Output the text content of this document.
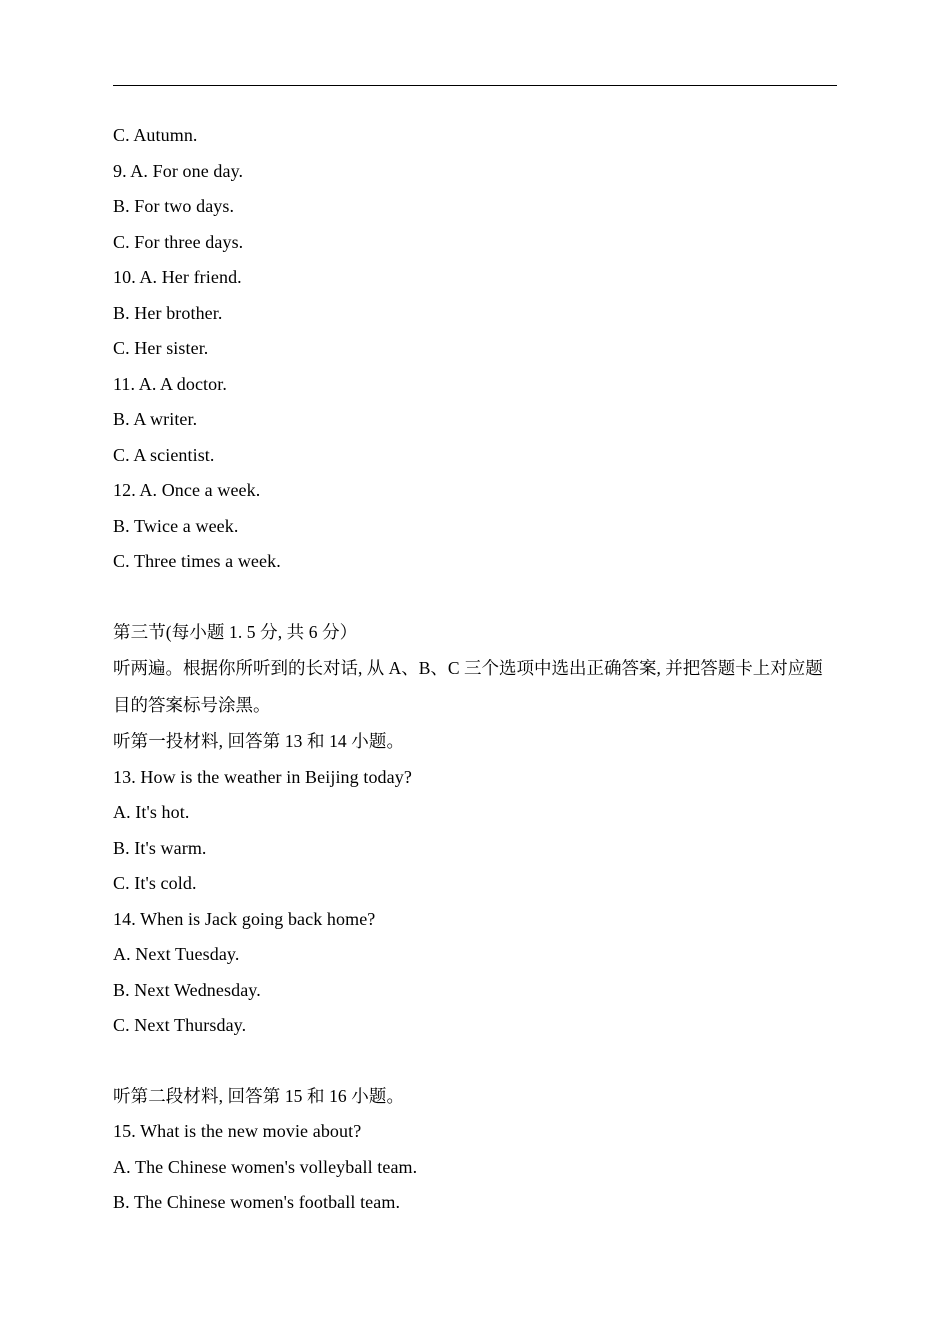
C. Autumn.
9. A. For one day.
B. For two days.
C. For three days.
10. A. Her friend.
B. Her brother.
C. Her sister.
11. A. A doctor.
B. A writer.
C. A scientist.
12. A. Once a week.
B. Twice a week.
C. Three times a week.
第三节(每小题 1. 5 分, 共 6 分）
听两遍。根据你所听到的长对话, 从 A、B、C 三个选项中选出正确答案, 并把答题卡上对应题目的答案标号涂黑。
听第一投材料, 回答第 13 和 14 小题。
13. How is the weather in Beijing today?
A. It's hot.
B. It's warm.
C. It's cold.
14. When is Jack going back home?
A. Next Tuesday.
B. Next Wednesday.
C. Next Thursday.
听第二段材料, 回答第 15 和 16 小题。
15. What is the new movie about?
A. The Chinese women's volleyball team.
B. The Chinese women's football team.
